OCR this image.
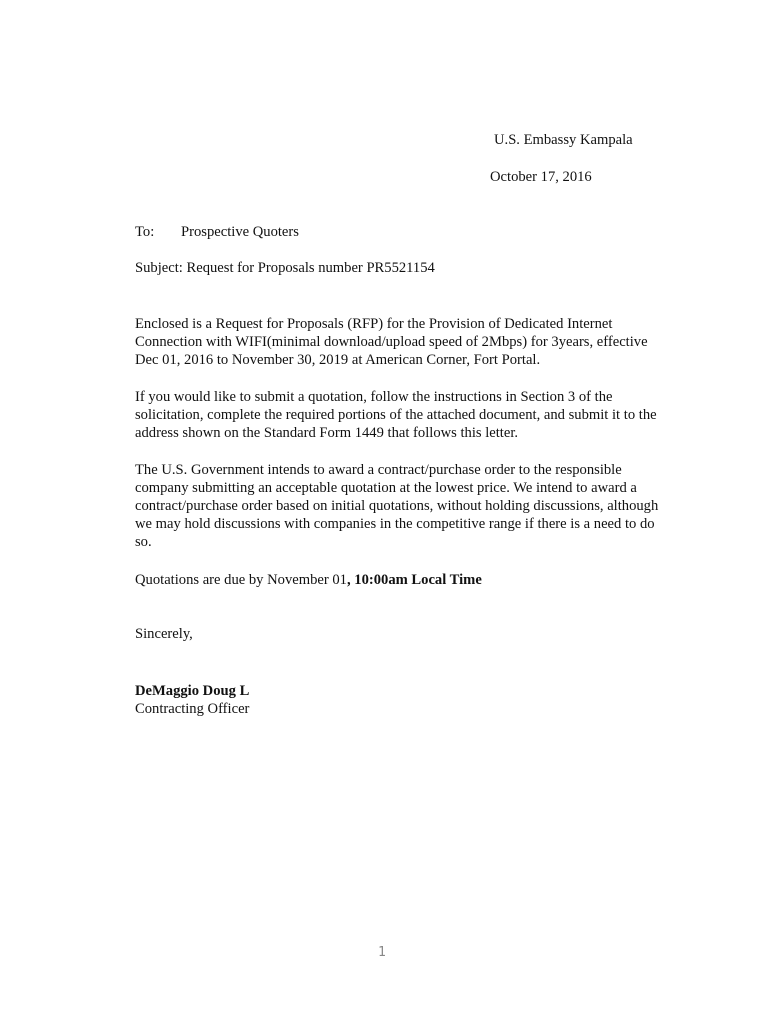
U.S. Embassy Kampala
October 17, 2016
To: Prospective Quoters
Subject: Request for Proposals number PR5521154
Enclosed is a Request for Proposals (RFP) for the Provision of Dedicated Internet
Connection with WIFI(minimal download/upload speed of 2Mbps) for 3years, effective
Dec 01, 2016 to November 30, 2019 at American Corner, Fort Portal.
If you would like to submit a quotation, follow the instructions in Section 3 of the
solicitation, complete the required portions of the attached document, and submit it to the
address shown on the Standard Form 1449 that follows this letter.
The U.S. Government intends to award a contract/purchase order to the responsible
company submitting an acceptable quotation at the lowest price. We intend to award a
contract/purchase order based on initial quotations, without holding discussions, although
we may hold discussions with companies in the competitive range if there is a need to do
so.
Quotations are due by November 01, 10:00am Local Time
Sincerely,
DeMaggio Doug L
Contracting Officer
1
